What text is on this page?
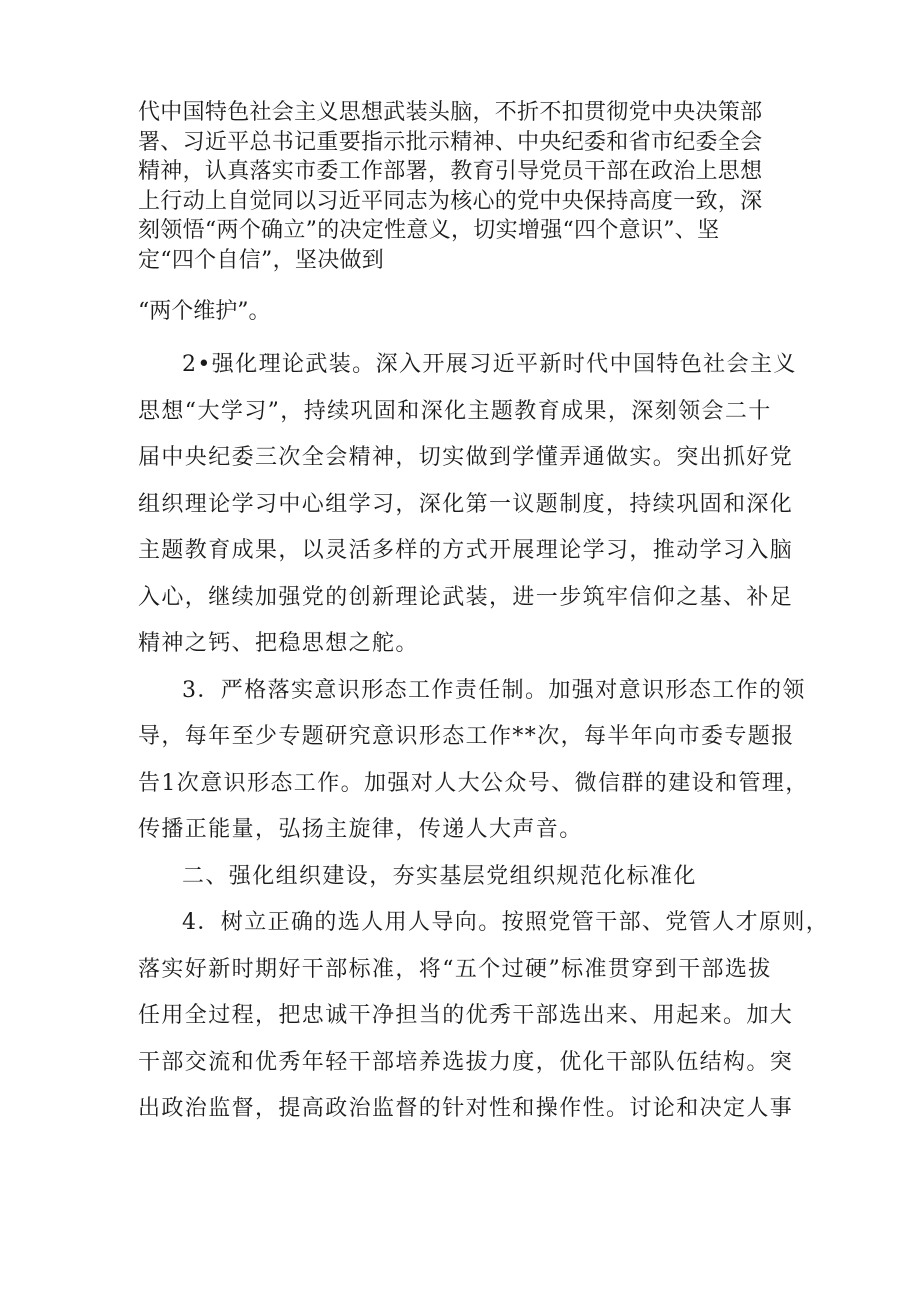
代中国特色社会主义思想武装头脑，不折不扣贯彻党中央决策部
署、习近平总书记重要指示批示精神、中央纪委和省市纪委全会
精神，认真落实市委工作部署，教育引导党员干部在政治上思想
上行动上自觉同以习近平同志为核心的党中央保持高度一致，深
刻领悟“两个确立”的决定性意义，切实增强“四个意识”、坚
定“四个自信”，坚决做到
“两个维护”。
2•强化理论武装。深入开展习近平新时代中国特色社会主义
思想“大学习”，持续巩固和深化主题教育成果，深刻领会二十
届中央纪委三次全会精神，切实做到学懂弄通做实。突出抓好党
组织理论学习中心组学习，深化第一议题制度，持续巩固和深化
主题教育成果，以灵活多样的方式开展理论学习，推动学习入脑
入心，继续加强党的创新理论武装，进一步筑牢信仰之基、补足
精神之钙、把稳思想之舵。
3．严格落实意识形态工作责任制。加强对意识形态工作的领
导，每年至少专题研究意识形态工作**次，每半年向市委专题报
告1次意识形态工作。加强对人大公众号、微信群的建设和管理，
传播正能量，弘扬主旋律，传递人大声音。
二、强化组织建设，夯实基层党组织规范化标准化
4．树立正确的选人用人导向。按照党管干部、党管人才原则，
落实好新时期好干部标准，将“五个过硬”标准贯穿到干部选拔
任用全过程，把忠诚干净担当的优秀干部选出来、用起来。加大
干部交流和优秀年轻干部培养选拔力度，优化干部队伍结构。突
出政治监督，提高政治监督的针对性和操作性。讨论和决定人事
